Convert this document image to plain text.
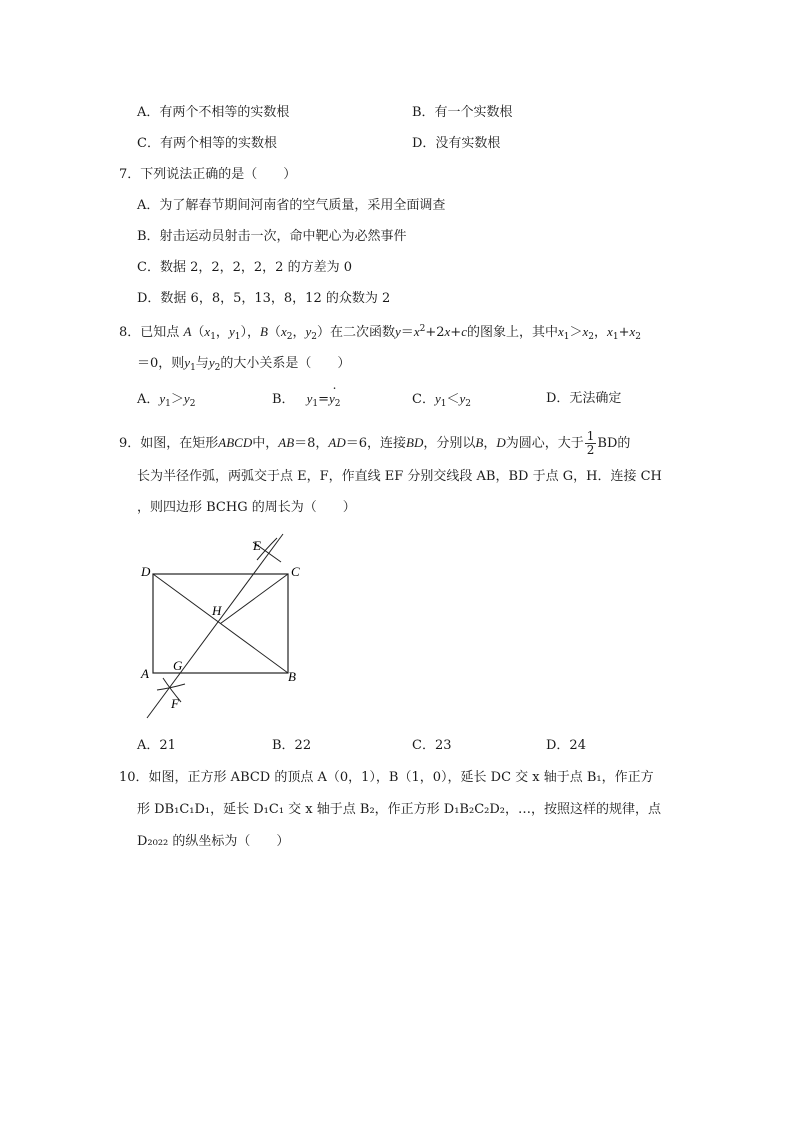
A．有两个不相等的实数根	B．有一个实数根
C．有两个相等的实数根	D．没有实数根
7．下列说法正确的是（　　）
A．为了解春节期间河南省的空气质量，采用全面调查
B．射击运动员射击一次，命中靶心为必然事件
C．数据 2，2，2，2，2 的方差为 0
D．数据 6，8，5，13，8，12 的众数为 2
8．已知点 $A(x_1$，$y_1$），$B(x_2$，$y_2$）在二次函数$y=x^2+2x+c$的图象上，其中$x_1>x_2$，$x_1+x_2$
＝0，则$y_1$与$y_2$的大小关系是（　　）
A．$y_1>y_2$	B．
.
$y_1=y_2$	C．$y_1<y_2$	D．无法确定
9．如图，在矩形ABCD中，AB＝8，AD＝6，连接BD，分别以B，D为圆心，大于 $\frac{1}{2}$ BD的
长为半径作弧，两弧交于点 E，F，作直线 EF 分别交线段 AB，BD 于点 G，H．连接 CH
，则四边形 BCHG 的周长为（　　）
E
D	C
H
A
G
B
F
A．21	B．22	C．23	D．24
10．如图，正方形 ABCD 的顶点 A（0，1），B（1，0），延长 DC 交 x 轴于点 B₁，作正方
形 DB₁C₁D₁，延长 D₁C₁ 交 x 轴于点 B₂，作正方形 D₁B₂C₂D₂，…，按照这样的规律，点
D₂₀₂₂ 的纵坐标为（　　）
